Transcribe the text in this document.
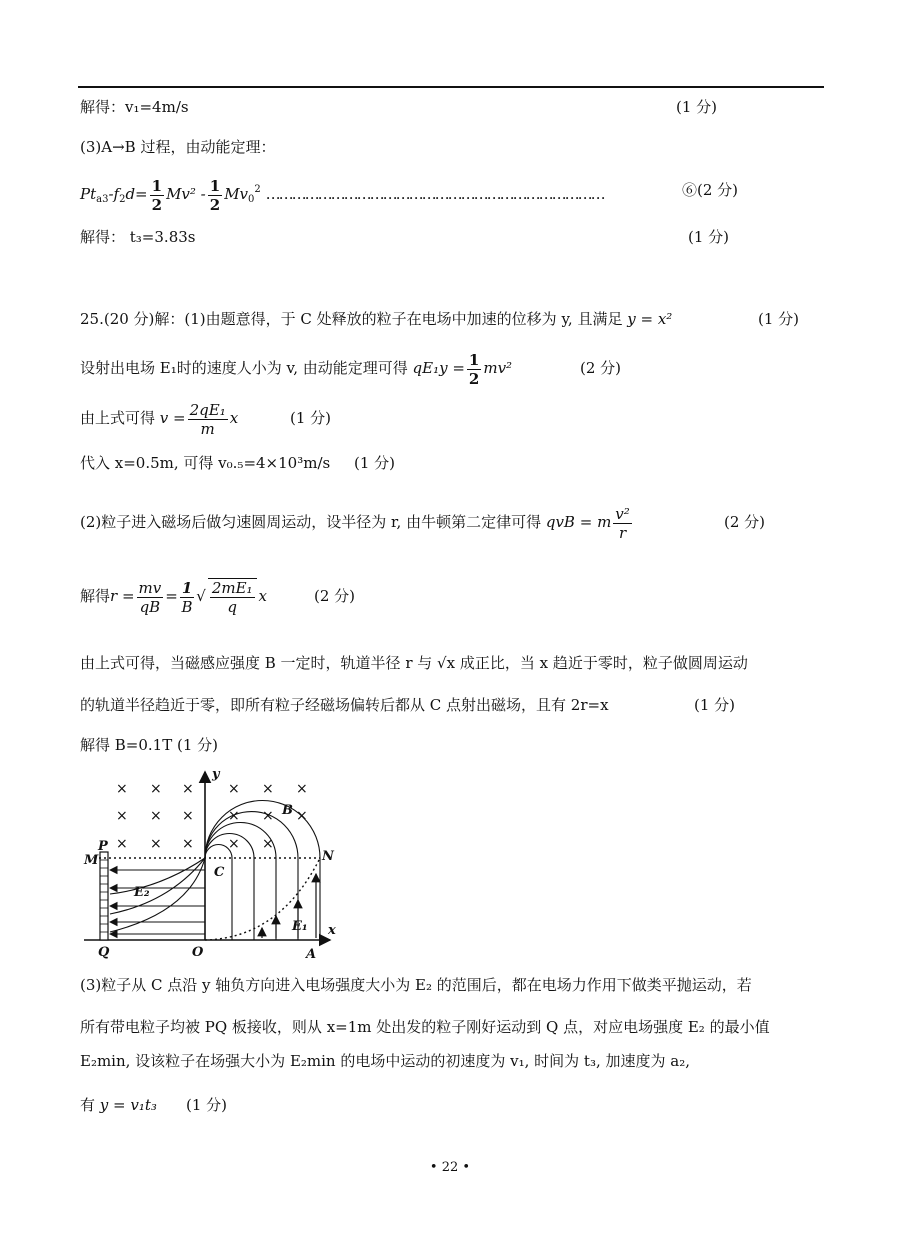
解得：v₁=4m/s	(1 分)
(3)A→B 过程，由动能定理：
$Pt_{a3}-f_2d= \frac{1}{2} Mv^2 - \frac{1}{2} Mv_0^2$ ……………………………………………………………………	⑥(2 分)
解得： t₃=3.83s	(1 分)
25.(20 分)解：(1)由题意得，于 C 处释放的粒子在电场中加速的位移为 y, 且满足 y = x²	(1 分)
设射出电场 E₁时的速度人小为 v, 由动能定理可得 $qE_1y = \frac{1}{2} mv^2$	(2 分)
由上式可得 $v = \frac{\text{2qE₁}}{m}$ x	(1 分)
代入 x=0.5m, 可得 v₀.₅=4×10³m/s (1 分)
(2)粒子进入磁场后做匀速圆周运动，设半径为 r, 由牛顿第二定律可得 qvB = m $\frac{\text{v²}}{r}$	(2 分)
解得$r = \frac{mv}{qB} = \frac{1}{B}$ √ $\frac{\text{2mE₁}}{q}$ x	(2 分)
由上式可得，当磁感应强度 B 一定时，轨道半径 r 与 √x 成正比，当 x 趋近于零时，粒子做圆周运动
的轨道半径趋近于零，即所有粒子经磁场偏转后都从 C 点射出磁场，且有 2r=x	(1 分)
解得 B=0.1T (1 分)
× × × × × ×
× × × × × ×
× × × × ×
y
x
B
C
N
M
P
Q	O	A
E₂
E₁
(3)粒子从 C 点沿 y 轴负方向进入电场强度大小为 E₂ 的范围后，都在电场力作用下做类平抛运动，若
所有带电粒子均被 PQ 板接收，则从 x=1m 处出发的粒子刚好运动到 Q 点，对应电场强度 E₂ 的最小值
E₂min, 设该粒子在场强大小为 E₂min 的电场中运动的初速度为 v₁, 时间为 t₃, 加速度为 a₂,
有 y = v₁t₃ (1 分)
• 22 •
